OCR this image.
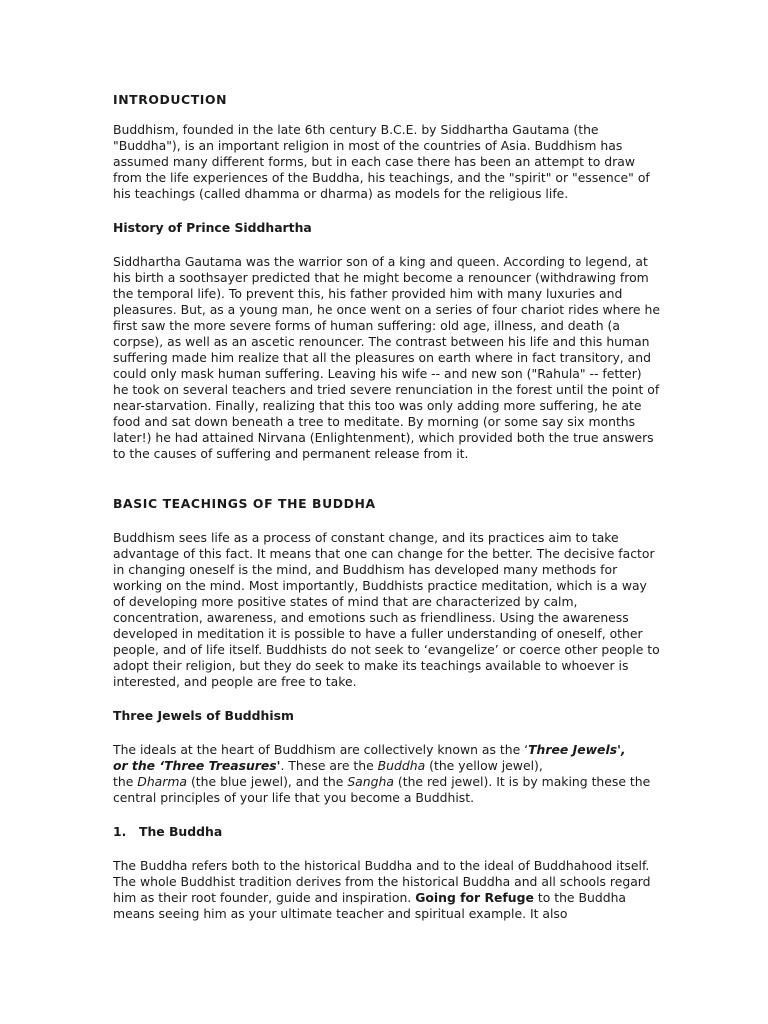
INTRODUCTION

Buddhism, founded in the late 6th century B.C.E. by Siddhartha Gautama (the "Buddha"), is an important religion in most of the countries of Asia. Buddhism has assumed many different forms, but in each case there has been an attempt to draw from the life experiences of the Buddha, his teachings, and the "spirit" or "essence" of his teachings (called dhamma or dharma) as models for the religious life.

History of Prince Siddhartha

Siddhartha Gautama was the warrior son of a king and queen. According to legend, at his birth a soothsayer predicted that he might become a renouncer (withdrawing from the temporal life). To prevent this, his father provided him with many luxuries and pleasures. But, as a young man, he once went on a series of four chariot rides where he first saw the more severe forms of human suffering: old age, illness, and death (a corpse), as well as an ascetic renouncer. The contrast between his life and this human suffering made him realize that all the pleasures on earth where in fact transitory, and could only mask human suffering. Leaving his wife -- and new son ("Rahula" -- fetter) he took on several teachers and tried severe renunciation in the forest until the point of near-starvation. Finally, realizing that this too was only adding more suffering, he ate food and sat down beneath a tree to meditate. By morning (or some say six months later!) he had attained Nirvana (Enlightenment), which provided both the true answers to the causes of suffering and permanent release from it.

BASIC TEACHINGS OF THE BUDDHA

Buddhism sees life as a process of constant change, and its practices aim to take advantage of this fact. It means that one can change for the better. The decisive factor in changing oneself is the mind, and Buddhism has developed many methods for working on the mind. Most importantly, Buddhists practice meditation, which is a way of developing more positive states of mind that are characterized by calm, concentration, awareness, and emotions such as friendliness. Using the awareness developed in meditation it is possible to have a fuller understanding of oneself, other people, and of life itself. Buddhists do not seek to ‘evangelize’ or coerce other people to adopt their religion, but they do seek to make its teachings available to whoever is interested, and people are free to take.

Three Jewels of Buddhism

The ideals at the heart of Buddhism are collectively known as the ‘Three Jewels',
or the ‘Three Treasures'. These are the Buddha (the yellow jewel),
the Dharma (the blue jewel), and the Sangha (the red jewel). It is by making these the central principles of your life that you become a Buddhist.

1.	The Buddha

The Buddha refers both to the historical Buddha and to the ideal of Buddhahood itself. The whole Buddhist tradition derives from the historical Buddha and all schools regard him as their root founder, guide and inspiration. Going for Refuge to the Buddha means seeing him as your ultimate teacher and spiritual example. It also
